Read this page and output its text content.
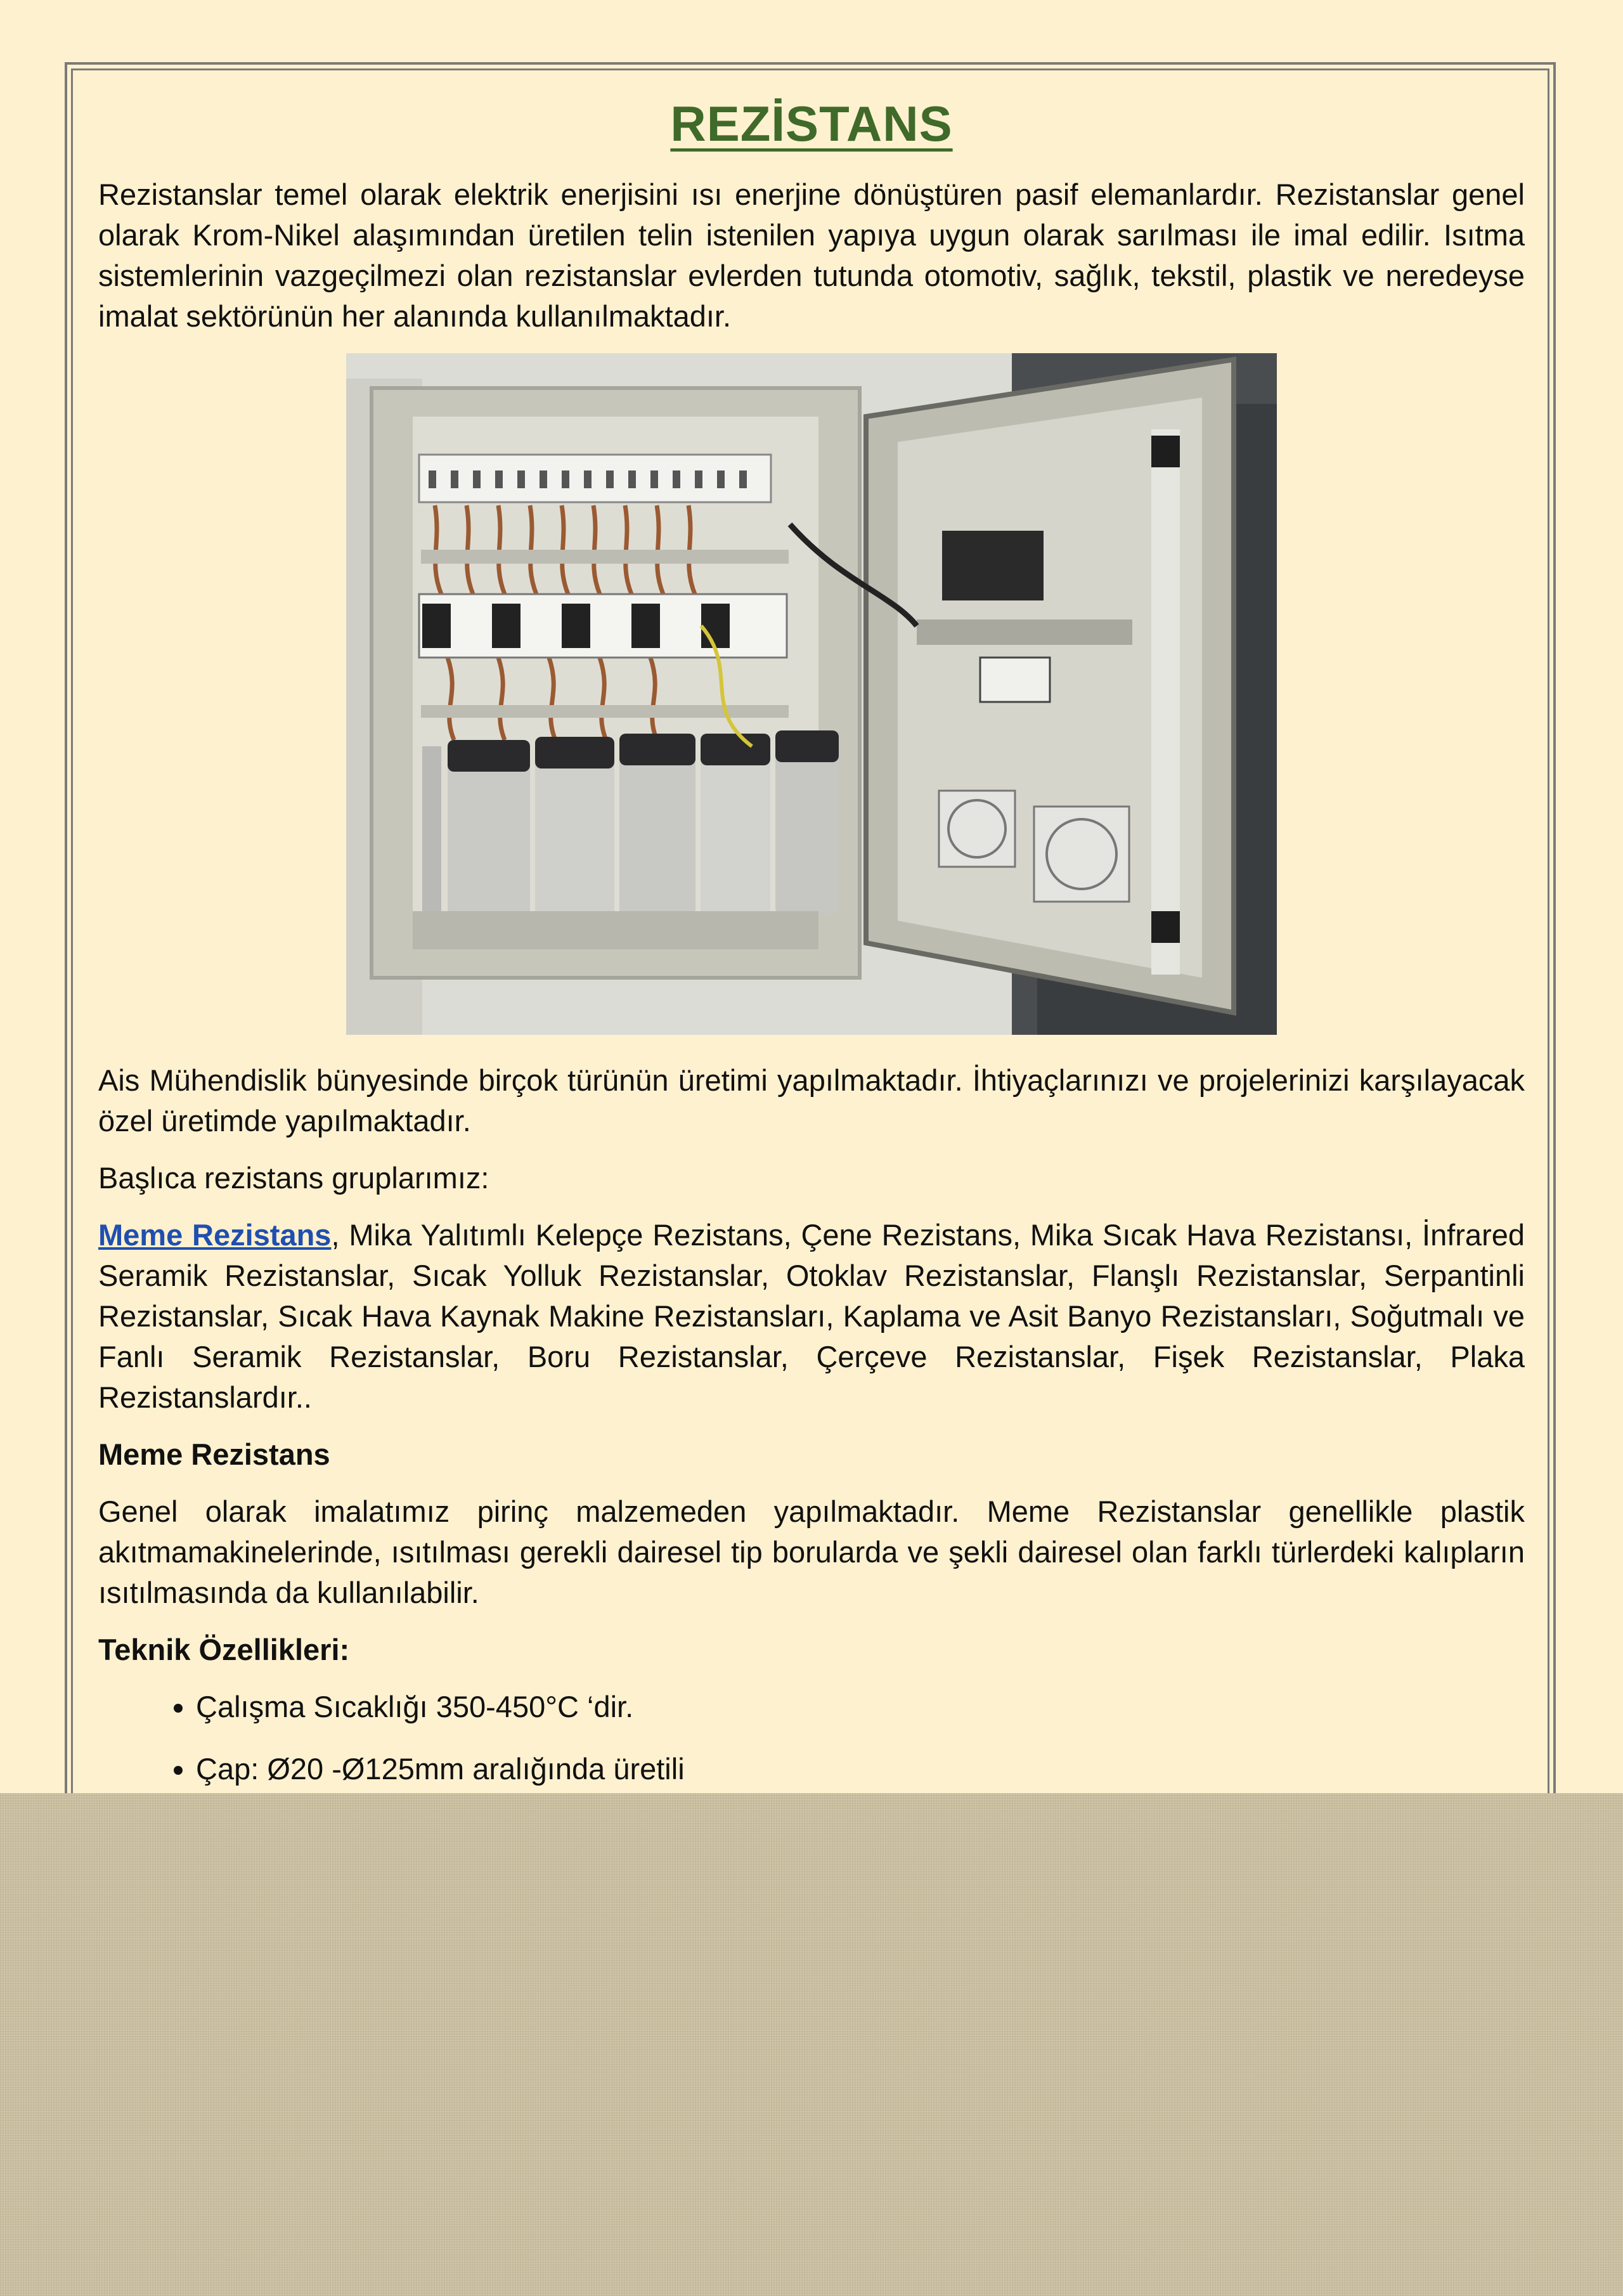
REZİSTANS

Rezistanslar temel olarak elektrik enerjisini ısı enerjine dönüştüren pasif elemanlardır. Rezistanslar genel olarak Krom-Nikel alaşımından üretilen telin istenilen yapıya uygun olarak sarılması ile imal edilir. Isıtma sistemlerinin vazgeçilmezi olan rezistanslar evlerden tutunda otomotiv, sağlık, tekstil, plastik ve neredeyse imalat sektörünün her alanında kullanılmaktadır.

Ais Mühendislik bünyesinde birçok türünün üretimi yapılmaktadır. İhtiyaçlarınızı ve projelerinizi karşılayacak özel üretimde yapılmaktadır.

Başlıca rezistans gruplarımız:

Meme Rezistans, Mika Yalıtımlı Kelepçe Rezistans, Çene Rezistans, Mika Sıcak Hava Rezistansı, İnfrared Seramik Rezistanslar, Sıcak Yolluk Rezistanslar, Otoklav Rezistanslar, Flanşlı Rezistanslar, Serpantinli Rezistanslar, Sıcak Hava Kaynak Makine Rezistansları, Kaplama ve Asit Banyo Rezistansları, Soğutmalı ve Fanlı Seramik Rezistanslar, Boru Rezistanslar, Çerçeve Rezistanslar, Fişek Rezistanslar, Plaka Rezistanslardır..

Meme Rezistans

Genel olarak imalatımız pirinç malzemeden yapılmaktadır. Meme Rezistanslar genellikle plastik akıtmamakinelerinde, ısıtılması gerekli dairesel tip borularda ve şekli dairesel olan farklı türlerdeki kalıpların ısıtılmasında da kullanılabilir.

Teknik Özellikleri:

• Çalışma Sıcaklığı 350-450°C ‘dir.
• Çap: Ø20 -Ø125mm aralığında üretili
